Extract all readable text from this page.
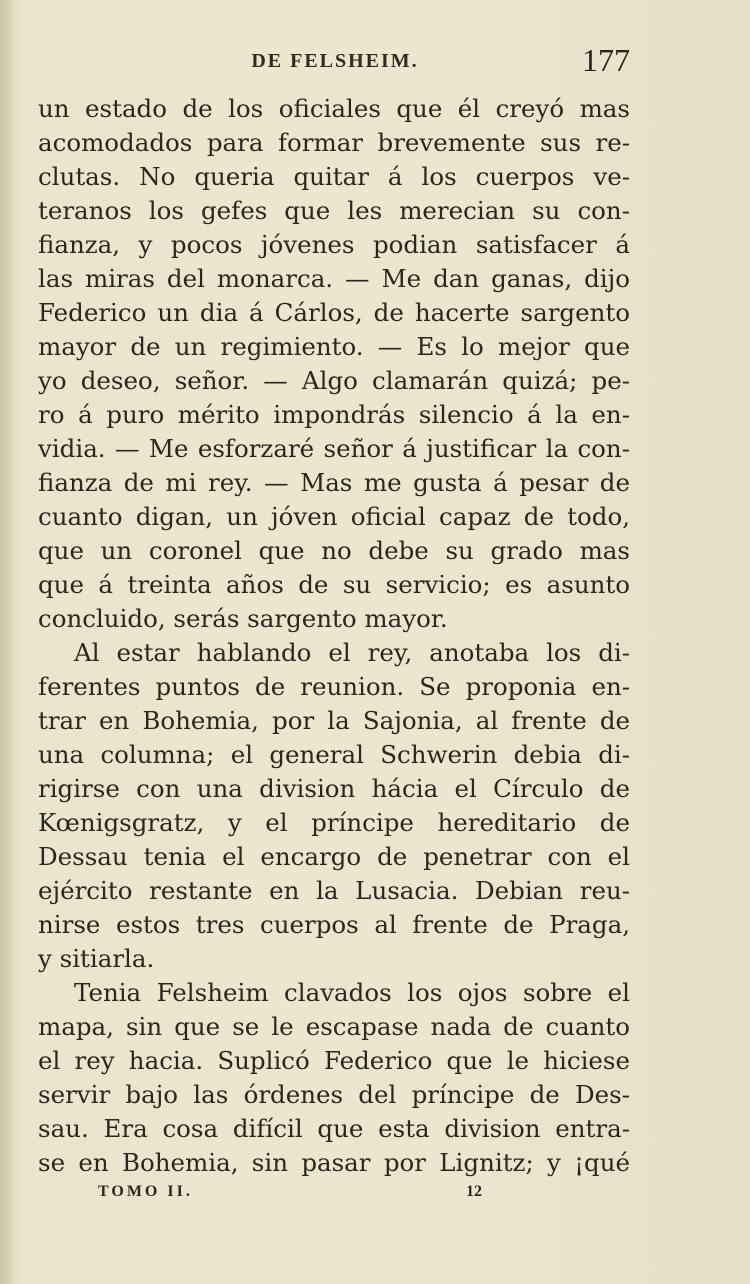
DE FELSHEIM.	177
un estado de los oficiales que él creyó mas
acomodados para formar brevemente sus re-
clutas. No queria quitar á los cuerpos ve-
teranos los gefes que les merecian su con-
fianza, y pocos jóvenes podian satisfacer á
las miras del monarca. — Me dan ganas, dijo
Federico un dia á Cárlos, de hacerte sargento
mayor de un regimiento. — Es lo mejor que
yo deseo, señor. — Algo clamarán quizá; pe-
ro á puro mérito impondrás silencio á la en-
vidia. — Me esforzaré señor á justificar la con-
fianza de mi rey. — Mas me gusta á pesar de
cuanto digan, un jóven oficial capaz de todo,
que un coronel que no debe su grado mas
que á treinta años de su servicio; es asunto
concluido, serás sargento mayor.
Al estar hablando el rey, anotaba los di-
ferentes puntos de reunion. Se proponia en-
trar en Bohemia, por la Sajonia, al frente de
una columna; el general Schwerin debia di-
rigirse con una division hácia el Círculo de
Kœnigsgratz, y el príncipe hereditario de
Dessau tenia el encargo de penetrar con el
ejército restante en la Lusacia. Debian reu-
nirse estos tres cuerpos al frente de Praga,
y sitiarla.
Tenia Felsheim clavados los ojos sobre el
mapa, sin que se le escapase nada de cuanto
el rey hacia. Suplicó Federico que le hiciese
servir bajo las órdenes del príncipe de Des-
sau. Era cosa difícil que esta division entra-
se en Bohemia, sin pasar por Lignitz; y ¡qué
TOMO II.	12
